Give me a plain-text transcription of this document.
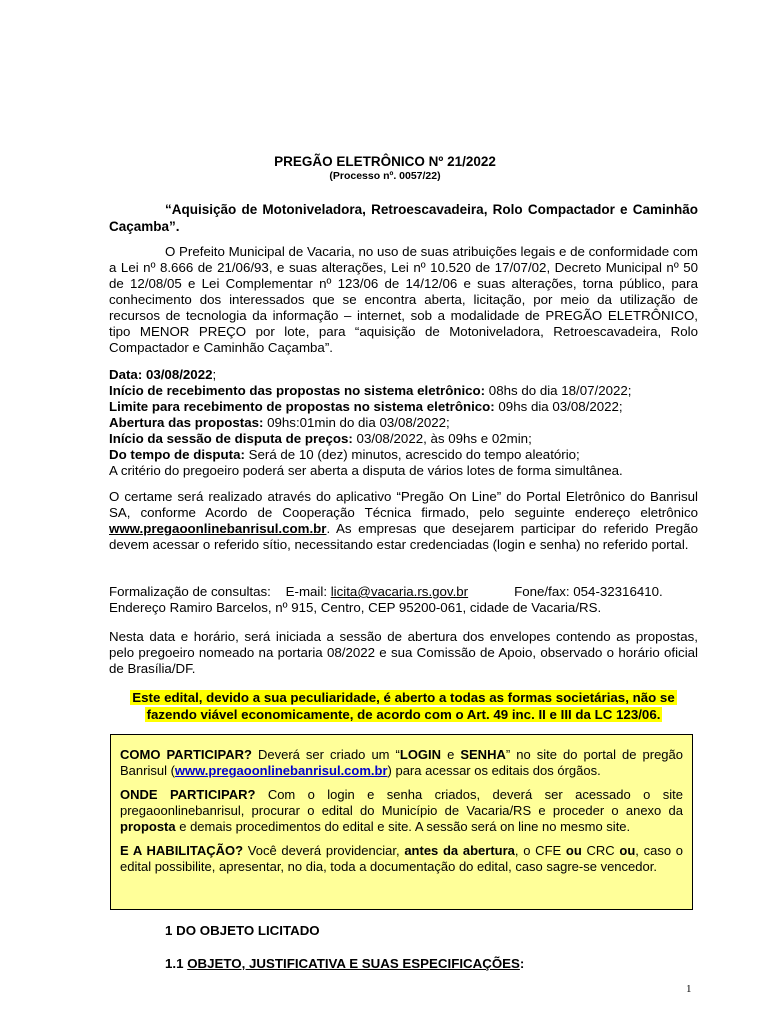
PREGÃO ELETRÔNICO Nº 21/2022
(Processo nº. 0057/22)
“Aquisição de Motoniveladora, Retroescavadeira, Rolo Compactador e Caminhão Caçamba”.
O Prefeito Municipal de Vacaria, no uso de suas atribuições legais e de conformidade com a Lei nº 8.666 de 21/06/93, e suas alterações, Lei nº 10.520 de 17/07/02, Decreto Municipal nº 50 de 12/08/05 e Lei Complementar nº 123/06 de 14/12/06 e suas alterações, torna público, para conhecimento dos interessados que se encontra aberta, licitação, por meio da utilização de recursos de tecnologia da informação – internet, sob a modalidade de PREGÃO ELETRÔNICO, tipo MENOR PREÇO por lote, para “aquisição de Motoniveladora, Retroescavadeira, Rolo Compactador e Caminhão Caçamba”.

Data: 03/08/2022;

Início de recebimento das propostas no sistema eletrônico: 08hs do dia 18/07/2022;

Limite para recebimento de propostas no sistema eletrônico: 09hs dia 03/08/2022;

Abertura das propostas: 09hs:01min do dia 03/08/2022;

Início da sessão de disputa de preços: 03/08/2022, às 09hs e 02min;

Do tempo de disputa: Será de 10 (dez) minutos, acrescido do tempo aleatório;

A critério do pregoeiro poderá ser aberta a disputa de vários lotes de forma simultânea.

O certame será realizado através do aplicativo “Pregão On Line” do Portal Eletrônico do Banrisul SA, conforme Acordo de Cooperação Técnica firmado, pelo seguinte endereço eletrônico www.pregaoonlinebanrisul.com.br. As empresas que desejarem participar do referido Pregão devem acessar o referido sítio, necessitando estar credenciadas (login e senha) no referido portal.

Formalização de consultas: E-mail: licita@vacaria.rs.gov.br	Fone/fax: 054-32316410.

Endereço Ramiro Barcelos, nº 915, Centro, CEP 95200-061, cidade de Vacaria/RS.

Nesta data e horário, será iniciada a sessão de abertura dos envelopes contendo as propostas, pelo pregoeiro nomeado na portaria 08/2022 e sua Comissão de Apoio, observado o horário oficial de Brasília/DF.
Este edital, devido a sua peculiaridade, é aberto a todas as formas societárias, não se
fazendo viável economicamente, de acordo com o Art. 49 inc. II e III da LC 123/06.

COMO PARTICIPAR? Deverá ser criado um “LOGIN e SENHA” no site do portal de pregão Banrisul (www.pregaoonlinebanrisul.com.br) para acessar os editais dos órgãos.

ONDE PARTICIPAR? Com o login e senha criados, deverá ser acessado o site pregaoonlinebanrisul, procurar o edital do Município de Vacaria/RS e proceder o anexo da proposta e demais procedimentos do edital e site. A sessão será on line no mesmo site.

E A HABILITAÇÃO? Você deverá providenciar, antes da abertura, o CFE ou CRC ou, caso o edital possibilite, apresentar, no dia, toda a documentação do edital, caso sagre-se vencedor.

1 DO OBJETO LICITADO
1.1 OBJETO, JUSTIFICATIVA E SUAS ESPECIFICAÇÕES:
1
